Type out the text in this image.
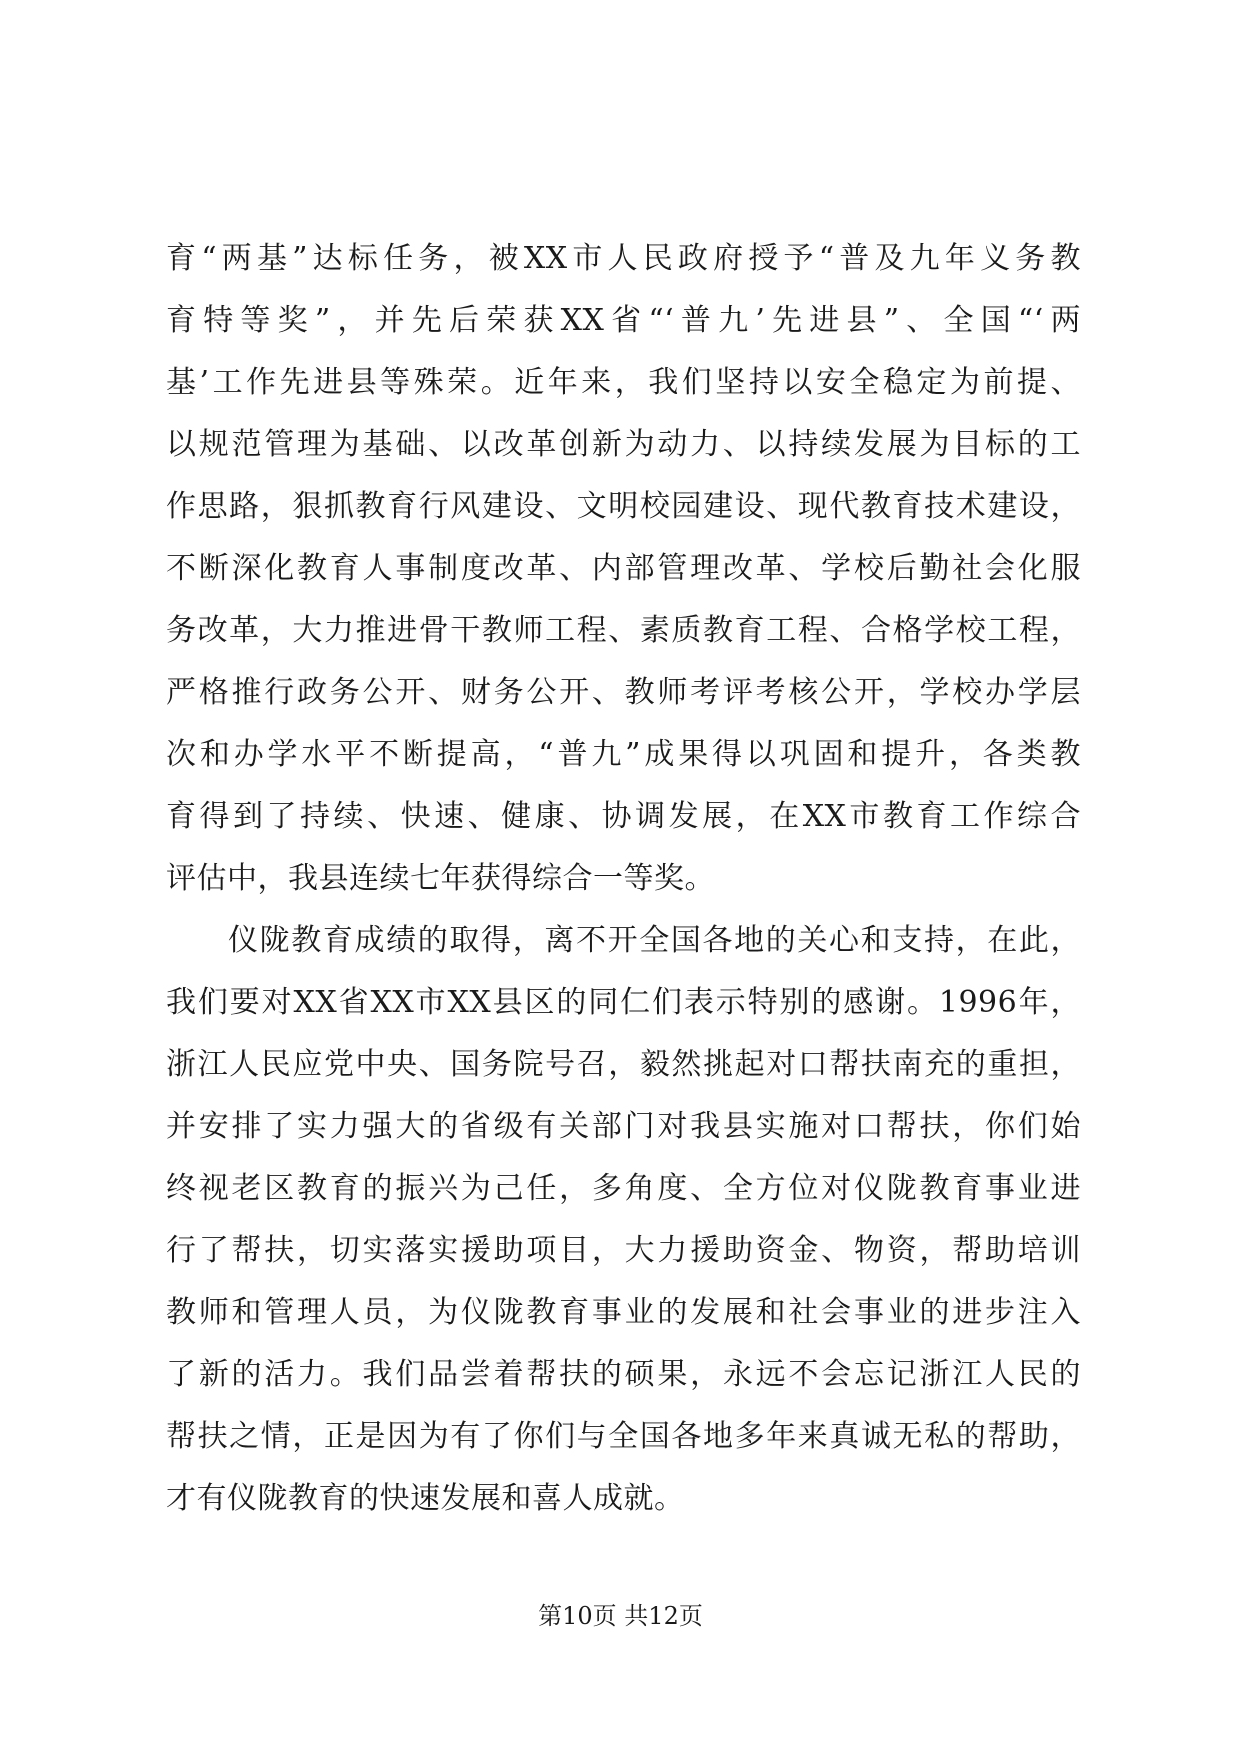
育“两基”达标任务，被XX市人民政府授予“普及九年义务教
育特等奖”，并先后荣获XX省“‘普九’先进县”、全国“‘两
基’工作先进县等殊荣。近年来，我们坚持以安全稳定为前提、
以规范管理为基础、以改革创新为动力、以持续发展为目标的工
作思路，狠抓教育行风建设、文明校园建设、现代教育技术建设，
不断深化教育人事制度改革、内部管理改革、学校后勤社会化服
务改革，大力推进骨干教师工程、素质教育工程、合格学校工程，
严格推行政务公开、财务公开、教师考评考核公开，学校办学层
次和办学水平不断提高，“普九”成果得以巩固和提升，各类教
育得到了持续、快速、健康、协调发展，在XX市教育工作综合
评估中，我县连续七年获得综合一等奖。
仪陇教育成绩的取得，离不开全国各地的关心和支持，在此，
我们要对XX省XX市XX县区的同仁们表示特别的感谢。1996年，
浙江人民应党中央、国务院号召，毅然挑起对口帮扶南充的重担，
并安排了实力强大的省级有关部门对我县实施对口帮扶，你们始
终视老区教育的振兴为己任，多角度、全方位对仪陇教育事业进
行了帮扶，切实落实援助项目，大力援助资金、物资，帮助培训
教师和管理人员，为仪陇教育事业的发展和社会事业的进步注入
了新的活力。我们品尝着帮扶的硕果，永远不会忘记浙江人民的
帮扶之情，正是因为有了你们与全国各地多年来真诚无私的帮助，
才有仪陇教育的快速发展和喜人成就。
第10页 共12页
